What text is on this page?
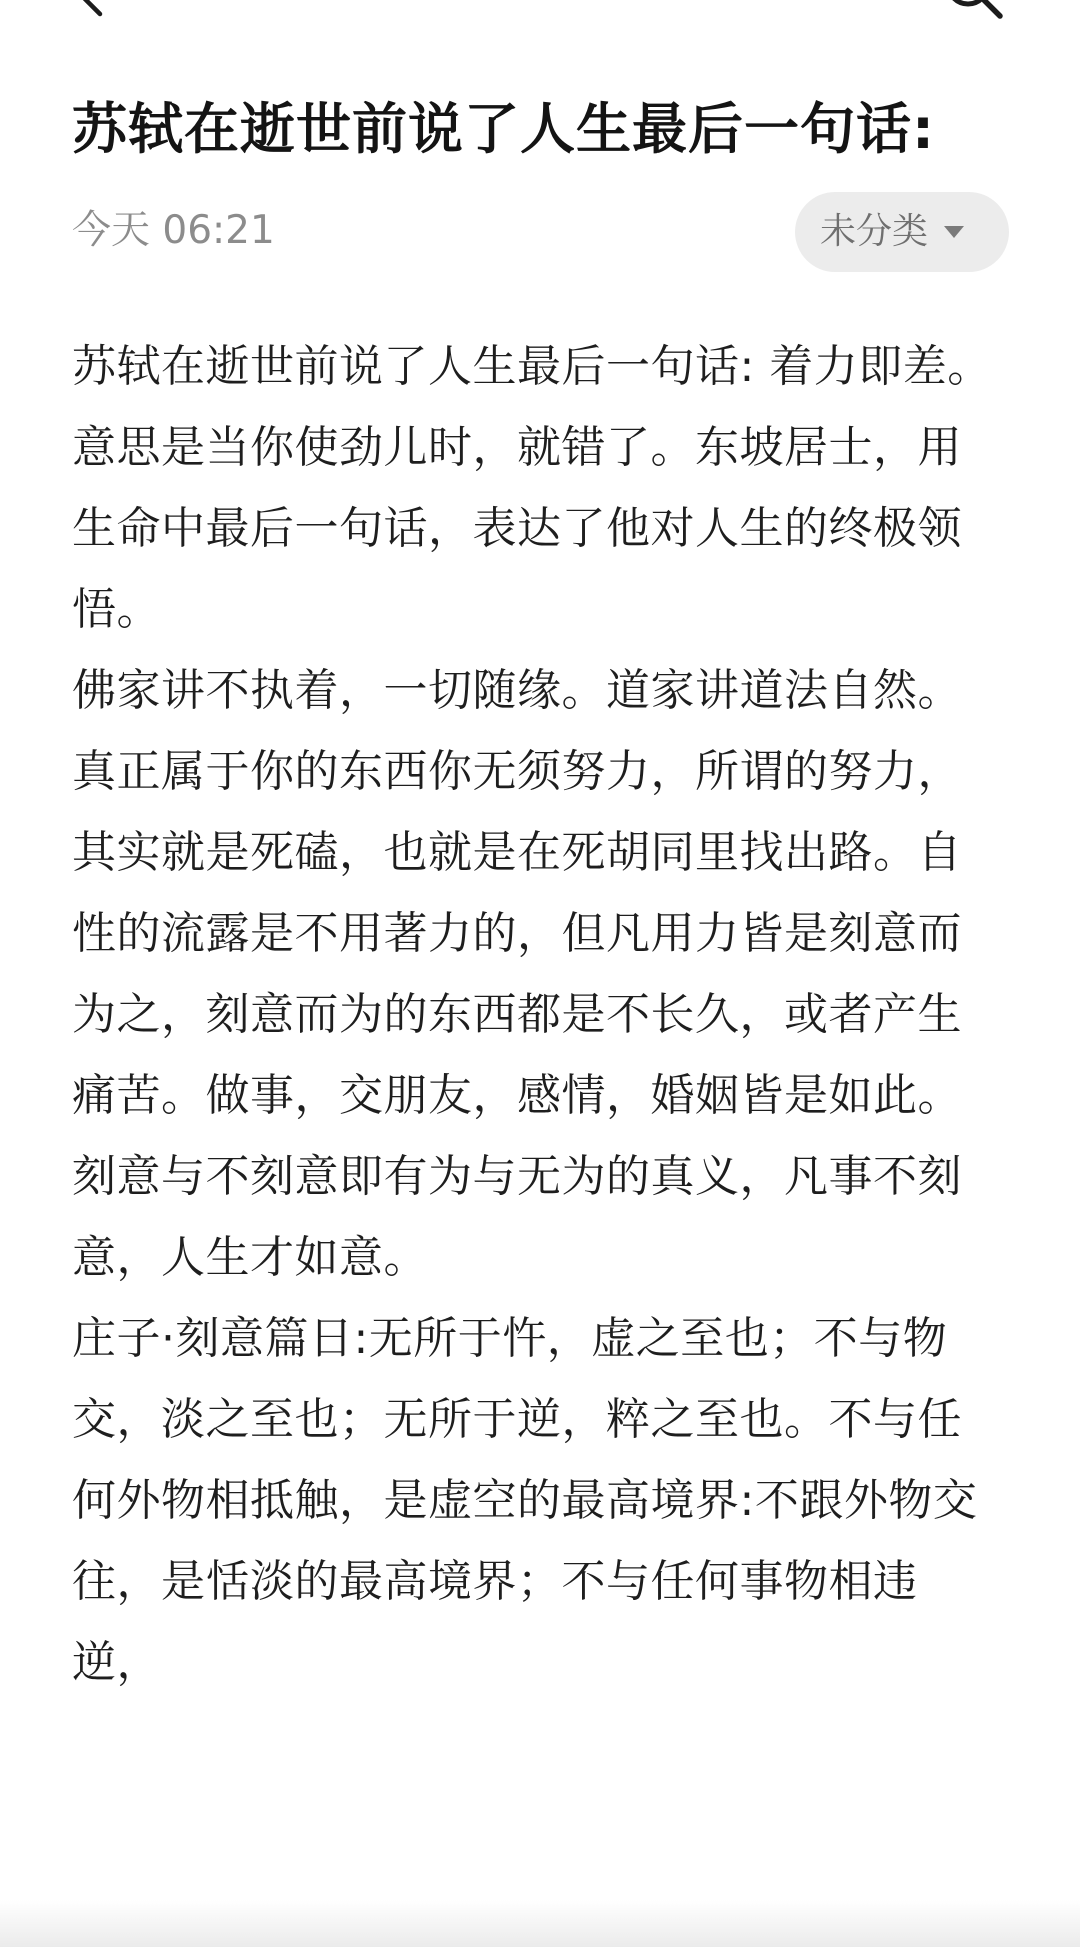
苏轼在逝世前说了人生最后一句话:
今天 06:21	未分类

苏轼在逝世前说了人生最后一句话: 着力即差。意思是当你使劲儿时，就错了。东坡居士，用生命中最后一句话，表达了他对人生的终极领悟。

佛家讲不执着，一切随缘。道家讲道法自然。真正属于你的东西你无须努力，所谓的努力，其实就是死磕，也就是在死胡同里找出路。自性的流露是不用著力的，但凡用力皆是刻意而为之，刻意而为的东西都是不长久，或者产生痛苦。做事，交朋友，感情，婚姻皆是如此。刻意与不刻意即有为与无为的真义，凡事不刻 意，人生才如意。

庄子·刻意篇日:无所于忤，虚之至也；不与物交，淡之至也；无所于逆，粹之至也。不与任何外物相抵触，是虚空的最高境界:不跟外物交往，是恬淡的最高境界；不与任何事物相违逆，
